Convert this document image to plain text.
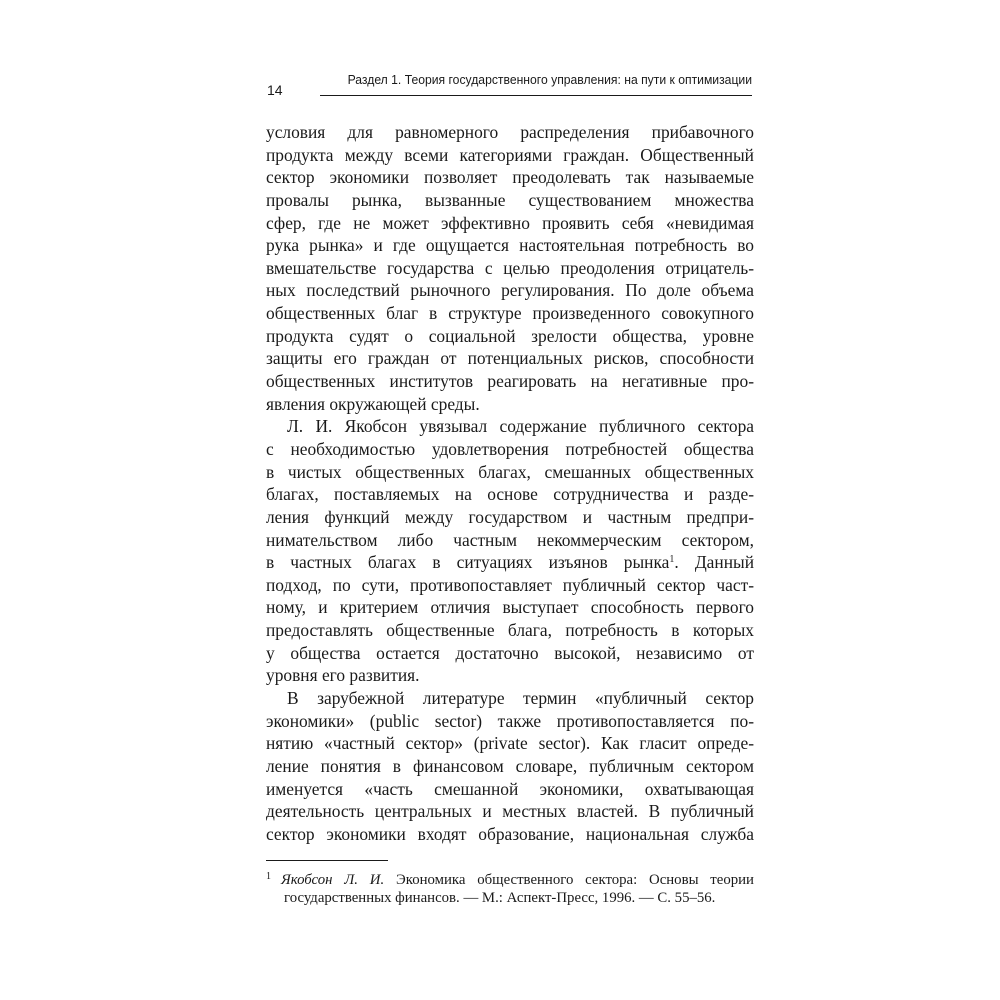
14
Раздел 1. Теория государственного управления: на пути к оптимизации
условия для равномерного распределения прибавочного
продукта между всеми категориями граждан. Общественный
сектор экономики позволяет преодолевать так называемые
провалы рынка, вызванные существованием множества
сфер, где не может эффективно проявить себя «невидимая
рука рынка» и где ощущается настоятельная потребность во
вмешательстве государства с целью преодоления отрицатель-
ных последствий рыночного регулирования. По доле объема
общественных благ в структуре произведенного совокупного
продукта судят о социальной зрелости общества, уровне
защиты его граждан от потенциальных рисков, способности
общественных институтов реагировать на негативные про-
явления окружающей среды.
Л. И. Якобсон увязывал содержание публичного сектора
с необходимостью удовлетворения потребностей общества
в чистых общественных благах, смешанных общественных
благах, поставляемых на основе сотрудничества и разде-
ления функций между государством и частным предпри-
нимательством либо частным некоммерческим сектором,
в частных благах в ситуациях изъянов рынка$^1$. Данный
подход, по сути, противопоставляет публичный сектор част-
ному, и критерием отличия выступает способность первого
предоставлять общественные блага, потребность в которых
у общества остается достаточно высокой, независимо от
уровня его развития.
В зарубежной литературе термин «публичный сектор
экономики» (public sector) также противопоставляется по-
нятию «частный сектор» (private sector). Как гласит опреде-
ление понятия в финансовом словаре, публичным сектором
именуется «часть смешанной экономики, охватывающая
деятельность центральных и местных властей. В публичный
сектор экономики входят образование, национальная служба
$^1$ Якобсон Л. И. Экономика общественного сектора: Основы теории
государственных финансов. — М.: Аспект-Пресс, 1996. — С. 55–56.
